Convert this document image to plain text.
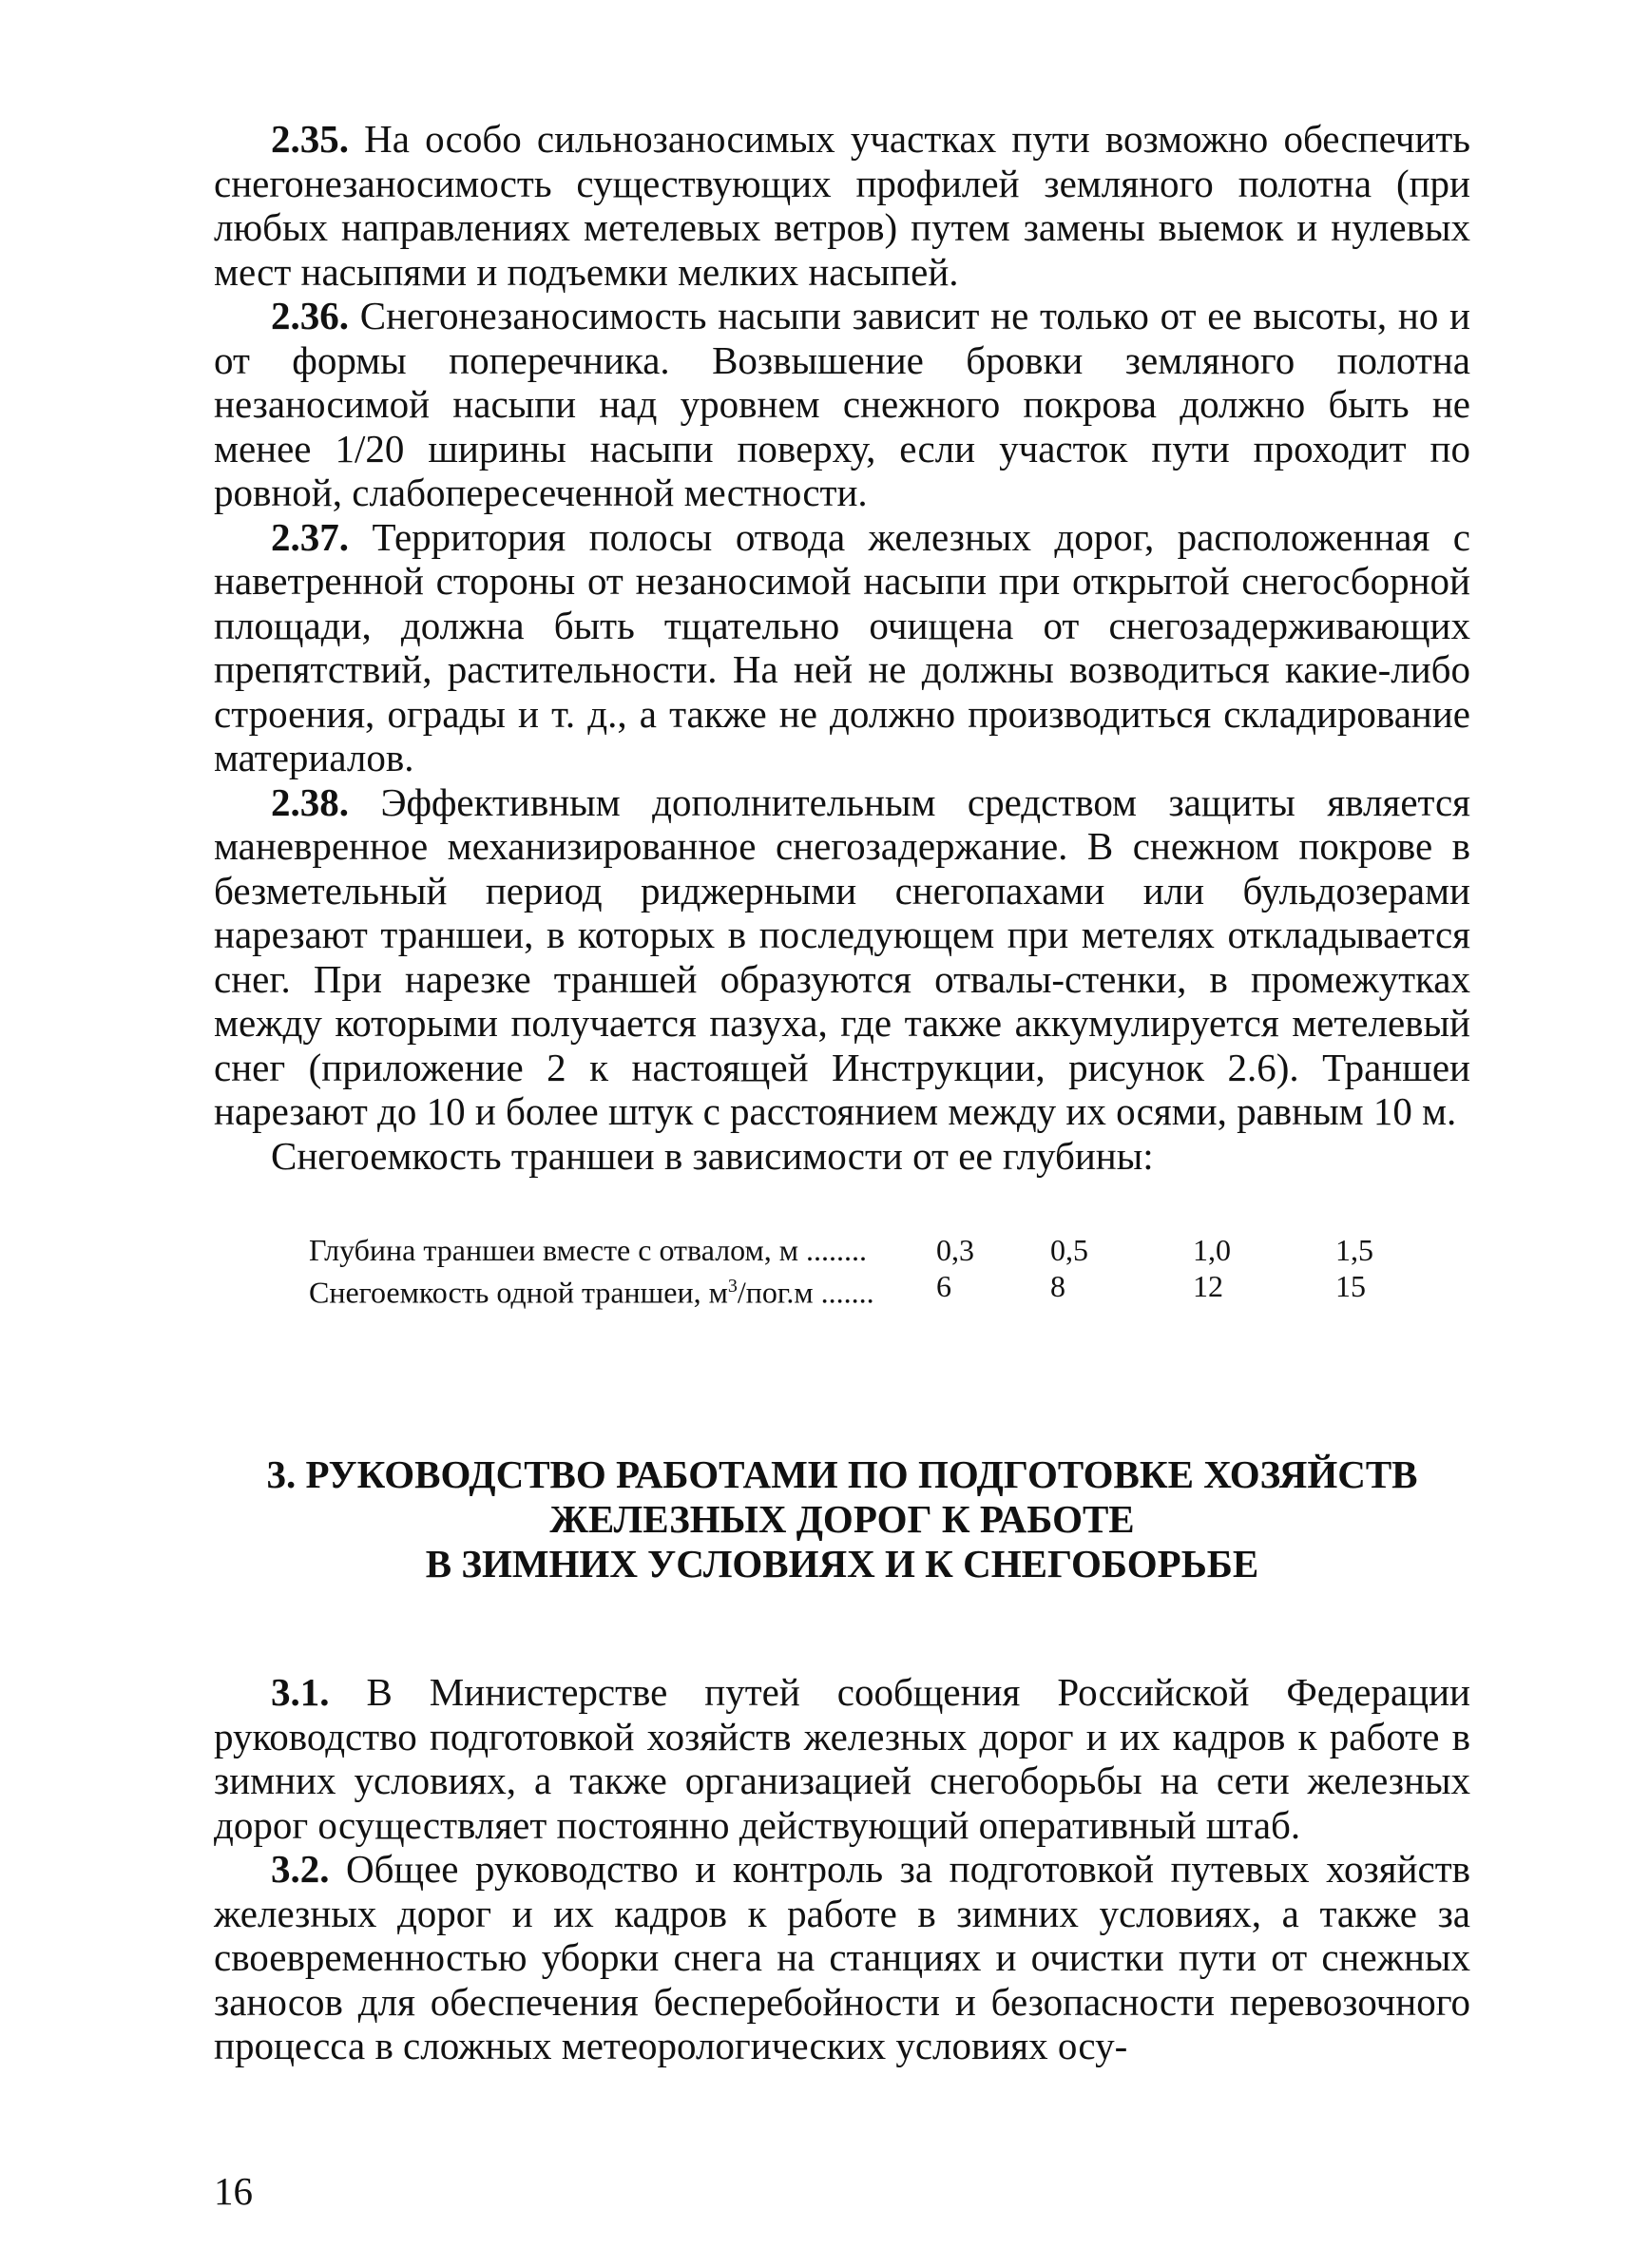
2.35. На особо сильнозаносимых участках пути возможно обеспечить снегонезаносимость существующих профилей земляного полотна (при любых направлениях метелевых ветров) путем замены выемок и нулевых мест насыпями и подъемки мелких насыпей.

2.36. Снегонезаносимость насыпи зависит не только от ее высоты, но и от формы поперечника. Возвышение бровки земляного полотна незаносимой насыпи над уровнем снежного покрова должно быть не менее 1/20 ширины насыпи поверху, если участок пути проходит по ровной, слабопересеченной местности.

2.37. Территория полосы отвода железных дорог, расположенная с наветренной стороны от незаносимой насыпи при открытой снегосборной площади, должна быть тщательно очищена от снегозадерживающих препятствий, растительности. На ней не должны возводиться какие-либо строения, ограды и т. д., а также не должно производиться складирование материалов.

2.38. Эффективным дополнительным средством защиты является маневренное механизированное снегозадержание. В снежном покрове в безметельный период риджерными снегопахами или бульдозерами нарезают траншеи, в которых в последующем при метелях откладывается снег. При нарезке траншей образуются отвалы-стенки, в промежутках между которыми получается пазуха, где также аккумулируется метелевый снег (приложение 2 к настоящей Инструкции, рисунок 2.6). Траншеи нарезают до 10 и более штук с расстоянием между их осями, равным 10 м.

Снегоемкость траншеи в зависимости от ее глубины:

Глубина траншеи вместе с отвалом, м ........ 0,3	0,5	1,0	1,5
Снегоемкость одной траншеи, $м^3/пог.м$ ....... 6	8	12	15
3. РУКОВОДСТВО РАБОТАМИ ПО ПОДГОТОВКЕ ХОЗЯЙСТВ
ЖЕЛЕЗНЫХ ДОРОГ К РАБОТЕ
В ЗИМНИХ УСЛОВИЯХ И К СНЕГОБОРЬБЕ

3.1. В Министерстве путей сообщения Российской Федерации руководство подготовкой хозяйств железных дорог и их кадров к работе в зимних условиях, а также организацией снегоборьбы на сети железных дорог осуществляет постоянно действующий оперативный штаб.

3.2. Общее руководство и контроль за подготовкой путевых хозяйств железных дорог и их кадров к работе в зимних условиях, а также за своевременностью уборки снега на станциях и очистки пути от снежных заносов для обеспечения бесперебойности и безопасности перевозочного процесса в сложных метеорологических условиях осу-

16
